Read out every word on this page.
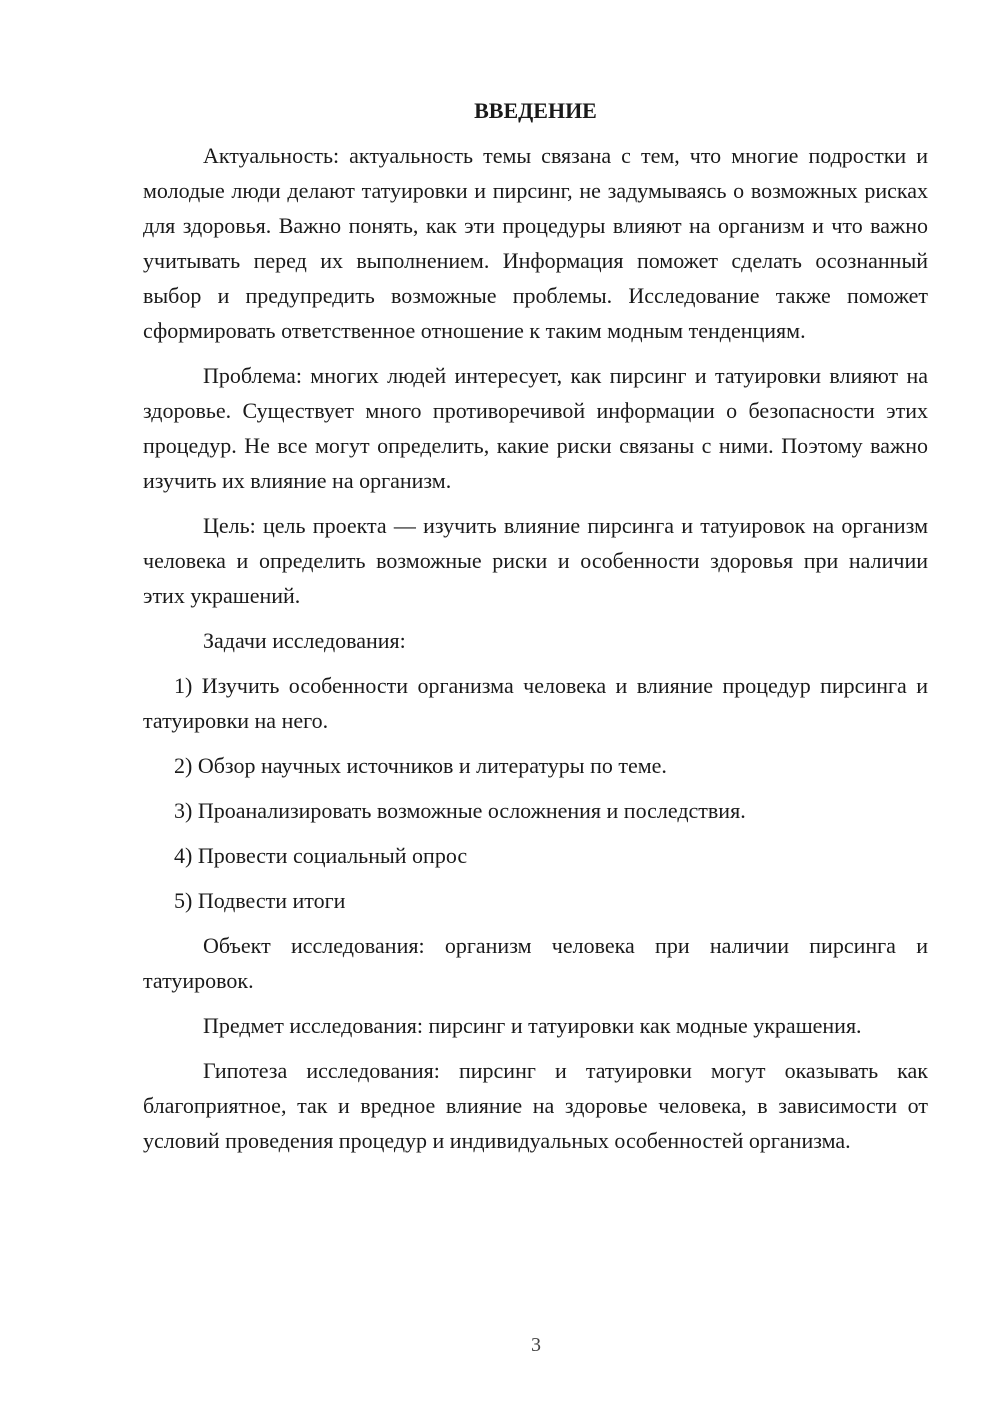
ВВЕДЕНИЕ

Актуальность: актуальность темы связана с тем, что многие подростки и молодые люди делают татуировки и пирсинг, не задумываясь о возможных рисках для здоровья. Важно понять, как эти процедуры влияют на организм и что важно учитывать перед их выполнением. Информация поможет сделать осознанный выбор и предупредить возможные проблемы. Исследование также поможет сформировать ответственное отношение к таким модным тенденциям.

Проблема: многих людей интересует, как пирсинг и татуировки влияют на здоровье. Существует много противоречивой информации о безопасности этих процедур. Не все могут определить, какие риски связаны с ними. Поэтому важно изучить их влияние на организм.

Цель: цель проекта — изучить влияние пирсинга и татуировок на организм человека и определить возможные риски и особенности здоровья при наличии этих украшений.

Задачи исследования:

1) Изучить особенности организма человека и влияние процедур пирсинга и татуировки на него.

2) Обзор научных источников и литературы по теме.

3) Проанализировать возможные осложнения и последствия.

4) Провести социальный опрос

5) Подвести итоги

Объект исследования: организм человека при наличии пирсинга и татуировок.

Предмет исследования: пирсинг и татуировки как модные украшения.

Гипотеза исследования: пирсинг и татуировки могут оказывать как благоприятное, так и вредное влияние на здоровье человека, в зависимости от условий проведения процедур и индивидуальных особенностей организма.

3
